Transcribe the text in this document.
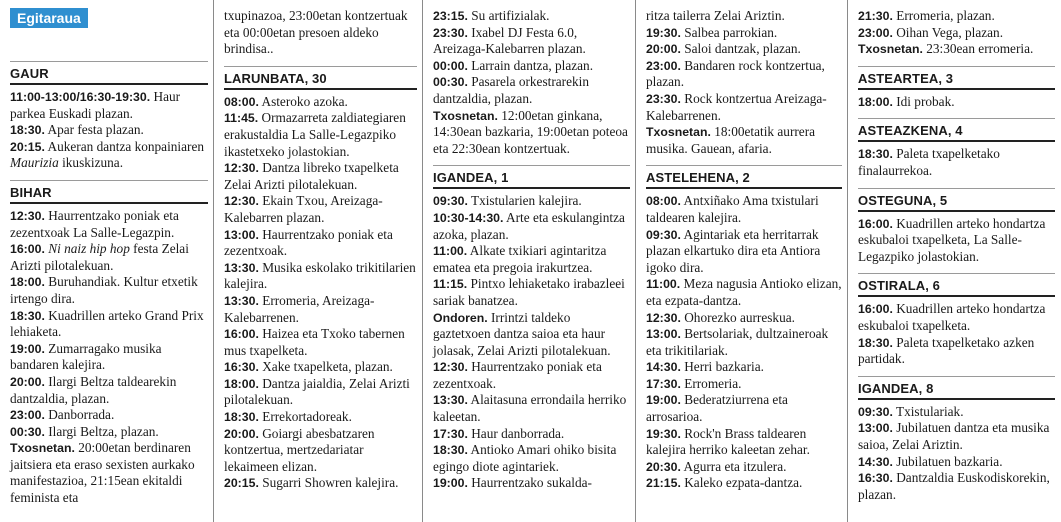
Egitaraua
GAUR

11:00-13:00/16:30-19:30. Haur parkea Euskadi plazan.

18:30. Apar festa plazan.

20:15. Aukeran dantza konpainiaren Maurizia ikuskizuna.

BIHAR

12:30. Haurrentzako poniak eta zezentxoak La Salle-Legazpin.

16:00. Ni naiz hip hop festa Zelai Arizti pilotalekuan.

18:00. Buruhandiak. Kultur etxetik irtengo dira.

18:30. Kuadrillen arteko Grand Prix lehiaketa.

19:00. Zumarragako musika bandaren kalejira.

20:00. Ilargi Beltza taldearekin dantzaldia, plazan.

23:00. Danborrada.

00:30. Ilargi Beltza, plazan.

Txosnetan. 20:00etan berdinaren jaitsiera eta eraso sexisten aurkako manifestazioa, 21:15ean ekitaldi feminista eta

txupinazoa, 23:00etan kontzertuak eta 00:00etan presoen aldeko brindisa..

LARUNBATA, 30

08:00. Asteroko azoka.

11:45. Ormazarreta zaldiategiaren erakustaldia La Salle-Legazpiko ikastetxeko jolastokian.

12:30. Dantza libreko txapelketa Zelai Arizti pilotalekuan.

12:30. Ekain Txou, Areizaga-Kalebarren plazan.

13:00. Haurrentzako poniak eta zezentxoak.

13:30. Musika eskolako trikitilarien kalejira.

13:30. Erromeria, Areizaga-Kalebarrenen.

16:00. Haizea eta Txoko tabernen mus txapelketa.

16:30. Xake txapelketa, plazan.

18:00. Dantza jaialdia, Zelai Arizti pilotalekuan.

18:30. Errekortadoreak.

20:00. Goiargi abesbatzaren kontzertua, mertzedariatar lekaimeen elizan.

20:15. Sugarri Showren kalejira.

23:15. Su artifizialak.

23:30. Ixabel DJ Festa 6.0, Areizaga-Kalebarren plazan.

00:00. Larrain dantza, plazan.

00:30. Pasarela orkestrarekin dantzaldia, plazan.

Txosnetan. 12:00etan ginkana, 14:30ean bazkaria, 19:00etan poteoa eta 22:30ean kontzertuak.

IGANDEA, 1

09:30. Txistularien kalejira.

10:30-14:30. Arte eta eskulangintza azoka, plazan.

11:00. Alkate txikiari agintaritza ematea eta pregoia irakurtzea.

11:15. Pintxo lehiaketako irabazleei sariak banatzea.

Ondoren. Irrintzi taldeko gaztetxoen dantza saioa eta haur jolasak, Zelai Arizti pilotalekuan.

12:30. Haurrentzako poniak eta zezentxoak.

13:30. Alaitasuna errondaila herriko kaleetan.

17:30. Haur danborrada.

18:30. Antioko Amari ohiko bisita egingo diote agintariek.

19:00. Haurrentzako sukalda-

ritza tailerra Zelai Ariztin.

19:30. Salbea parrokian.

20:00. Saloi dantzak, plazan.

23:00. Bandaren rock kontzertua, plazan.

23:30. Rock kontzertua Areizaga-Kalebarrenen.

Txosnetan. 18:00etatik aurrera musika. Gauean, afaria.

ASTELEHENA, 2

08:00. Antxiñako Ama txistulari taldearen kalejira.

09:30. Agintariak eta herritarrak plazan elkartuko dira eta Antiora igoko dira.

11:00. Meza nagusia Antioko elizan, eta ezpata-dantza.

12:30. Ohorezko aurreskua.

13:00. Bertsolariak, dultzaineroak eta trikitilariak.

14:30. Herri bazkaria.

17:30. Erromeria.

19:00. Bederatziurrena eta arrosarioa.

19:30. Rock'n Brass taldearen kalejira herriko kaleetan zehar.

20:30. Agurra eta itzulera.

21:15. Kaleko ezpata-dantza.

21:30. Erromeria, plazan.

23:00. Oihan Vega, plazan.

Txosnetan. 23:30ean erromeria.

ASTEARTEA, 3

18:00. Idi probak.

ASTEAZKENA, 4

18:30. Paleta txapelketako finalaurrekoa.

OSTEGUNA, 5

16:00. Kuadrillen arteko hondartza eskubaloi txapelketa, La Salle-Legazpiko jolastokian.

OSTIRALA, 6

16:00. Kuadrillen arteko hondartza eskubaloi txapelketa.

18:30. Paleta txapelketako azken partidak.

IGANDEA, 8

09:30. Txistulariak.

13:00. Jubilatuen dantza eta musika saioa, Zelai Ariztin.

14:30. Jubilatuen bazkaria.

16:30. Dantzaldia Euskodiskorekin, plazan.
